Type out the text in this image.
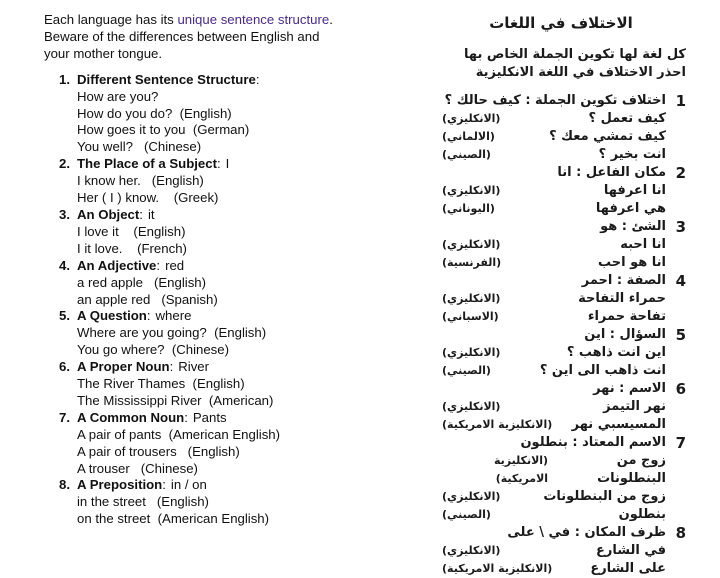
Each language has its unique sentence structure.
Beware of the differences between English and
your mother tongue.
1. Different Sentence Structure:
How are you?
How do you do?  (English)
How goes it to you  (German)
You well?   (Chinese)
2. The Place of a Subject: I
I know her.   (English)
Her ( I ) know.    (Greek)
3. An Object: it
I love it    (English)
I it love.    (French)
4. An Adjective: red
a red apple   (English)
an apple red   (Spanish)
5. A Question: where
Where are you going?  (English)
You go where?  (Chinese)
6. A Proper Noun: River
The River Thames  (English)
The Mississippi River  (American)
7. A Common Noun: Pants
A pair of pants  (American English)
A pair of trousers   (English)
A trouser   (Chinese)
8. A Preposition: in / on
in the street   (English)
on the street  (American English)
الاختلاف في اللغات
كل لغة لها تكوين الجملة الخاص بها
احذر الاختلاف في اللغة الانكليزية
1
اختلاف تكوين الجملة : كيف حالك ؟
كيف تعمل ؟
(الانكليزي)
كيف تمشي معك ؟
(الالماني)
انت بخير ؟
(الصيني)
2
مكان الفاعل : انا
انا اعرفها
(الانكليزي)
هي اعرفها
(اليوناني)
3
الشئ : هو
انا احبه
(الانكليزي)
انا هو احب
(الفرنسية)
4
الصفة : احمر
حمراء التفاحة
(الانكليزي)
تفاحة حمراء
(الاسباني)
5
السؤال : اين
اين انت ذاهب ؟
(الانكليزي)
انت ذاهب الى اين ؟
(الصيني)
6
الاسم : نهر
نهر التيمز
(الانكليزي)
المسيسبي نهر
(الانكليزية الامريكية)
7
الاسم المعتاد : بنطلون
زوج من البنطلونات
(الانكليزية الامريكية)
زوج من البنطلونات
(الانكليزي)
بنطلون
(الصيني)
8
ظرف المكان : في \ على
في الشارع
(الانكليزي)
على الشارع
(الانكليزية الامريكية)
